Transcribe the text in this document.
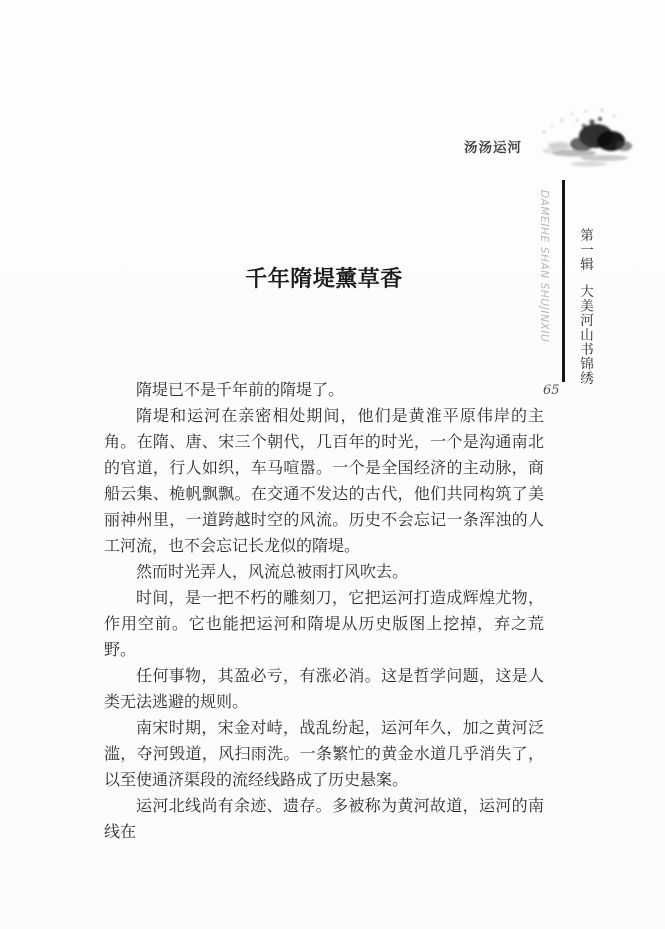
汤汤运河
DAMEIHE SHAN SHUJINXIU 第一辑大美河山书锦绣
65
千年隋堤薰草香

隋堤已不是千年前的隋堤了。

隋堤和运河在亲密相处期间，他们是黄淮平原伟岸的主角。在隋、唐、宋三个朝代，几百年的时光，一个是沟通南北的官道，行人如织，车马喧嚣。一个是全国经济的主动脉，商船云集、桅帆飘飘。在交通不发达的古代，他们共同构筑了美丽神州里，一道跨越时空的风流。历史不会忘记一条浑浊的人工河流，也不会忘记长龙似的隋堤。

然而时光弄人，风流总被雨打风吹去。

时间，是一把不朽的雕刻刀，它把运河打造成辉煌尤物，作用空前。它也能把运河和隋堤从历史版图上挖掉，弃之荒野。

任何事物，其盈必亏，有涨必消。这是哲学问题，这是人类无法逃避的规则。

南宋时期，宋金对峙，战乱纷起，运河年久，加之黄河泛滥，夺河毁道，风扫雨洗。一条繁忙的黄金水道几乎消失了，以至使通济渠段的流经线路成了历史悬案。

运河北线尚有余迹、遗存。多被称为黄河故道，运河的南线在
